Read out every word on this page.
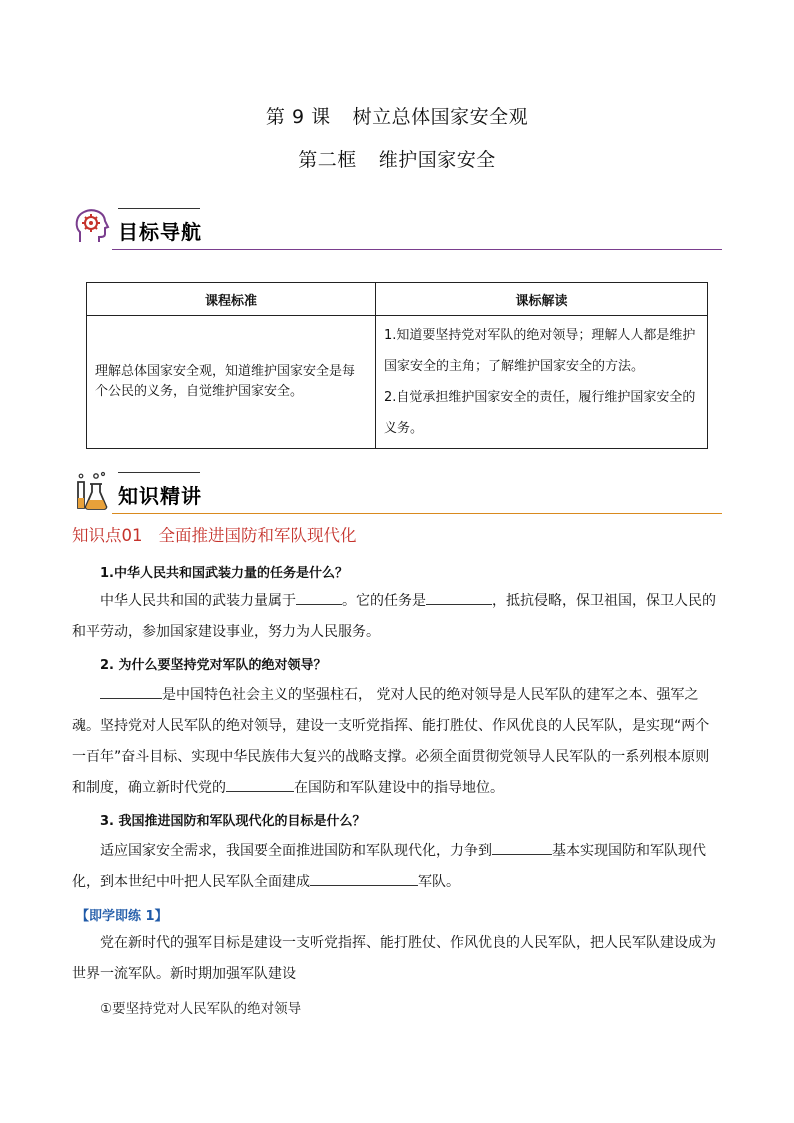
第 9 课 树立总体国家安全观
第二框 维护国家安全
目标导航
课程标准	课标解读
理解总体国家安全观，知道维护国家安全是每个公民的义务，自觉维护国家安全。	1.知道要坚持党对军队的绝对领导；理解人人都是维护国家安全的主角；了解维护国家安全的方法。
2.自觉承担维护国家安全的责任，履行维护国家安全的义务。
知识精讲
知识点01 全面推进国防和军队现代化
1.中华人民共和国武装力量的任务是什么？
中华人民共和国的武装力量属于	。它的任务是	，抵抗侵略，保卫祖国，保卫人民的和平劳动，参加国家建设事业，努力为人民服务。
2. 为什么要坚持党对军队的绝对领导？
是中国特色社会主义的坚强柱石， 党对人民的绝对领导是人民军队的建军之本、强军之魂。坚持党对人民军队的绝对领导，建设一支听党指挥、能打胜仗、作风优良的人民军队，是实现“两个一百年”奋斗目标、实现中华民族伟大复兴的战略支撑。必须全面贯彻党领导人民军队的一系列根本原则和制度，确立新时代党的	在国防和军队建设中的指导地位。
3. 我国推进国防和军队现代化的目标是什么？
适应国家安全需求，我国要全面推进国防和军队现代化，力争到	基本实现国防和军队现代化，到本世纪中叶把人民军队全面建成	军队。
【即学即练 1】
党在新时代的强军目标是建设一支听党指挥、能打胜仗、作风优良的人民军队，把人民军队建设成为世界一流军队。新时期加强军队建设
①要坚持党对人民军队的绝对领导
